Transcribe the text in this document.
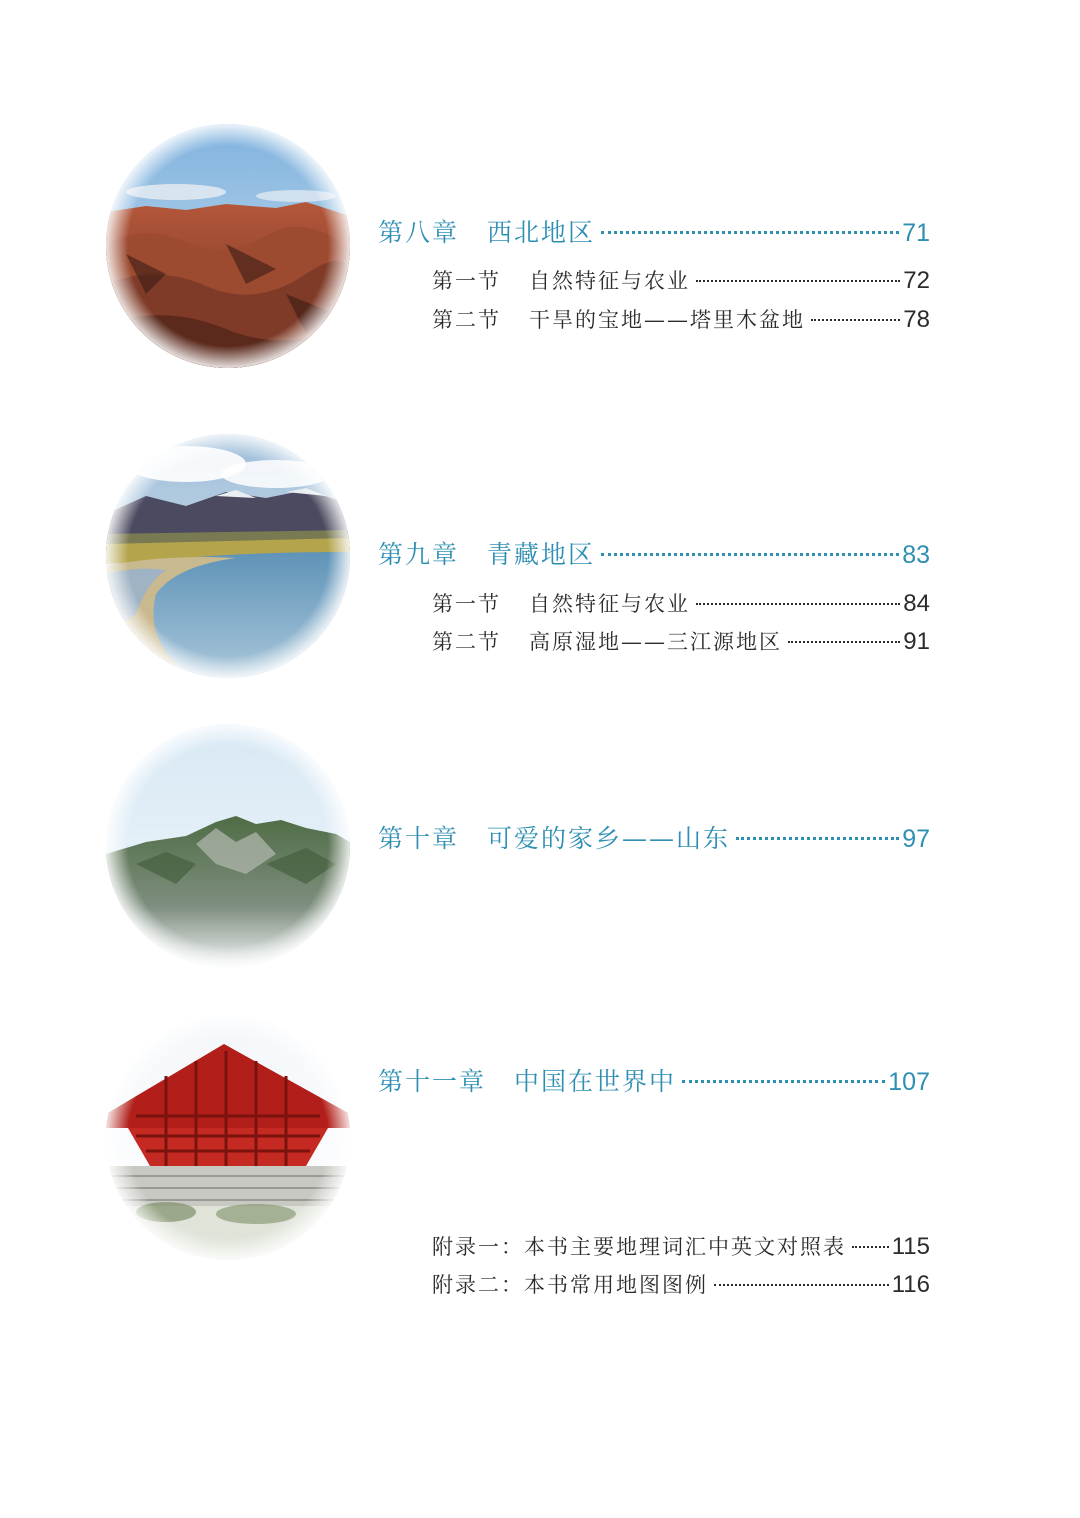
第八章 西北地区	71
第一节 自然特征与农业	72
第二节 干旱的宝地——塔里木盆地	78
第九章 青藏地区	83
第一节 自然特征与农业	84
第二节 高原湿地——三江源地区	91
第十章 可爱的家乡——山东	97
第十一章 中国在世界中	107
附录一：本书主要地理词汇中英文对照表 115
附录二：本书常用地图图例	116
